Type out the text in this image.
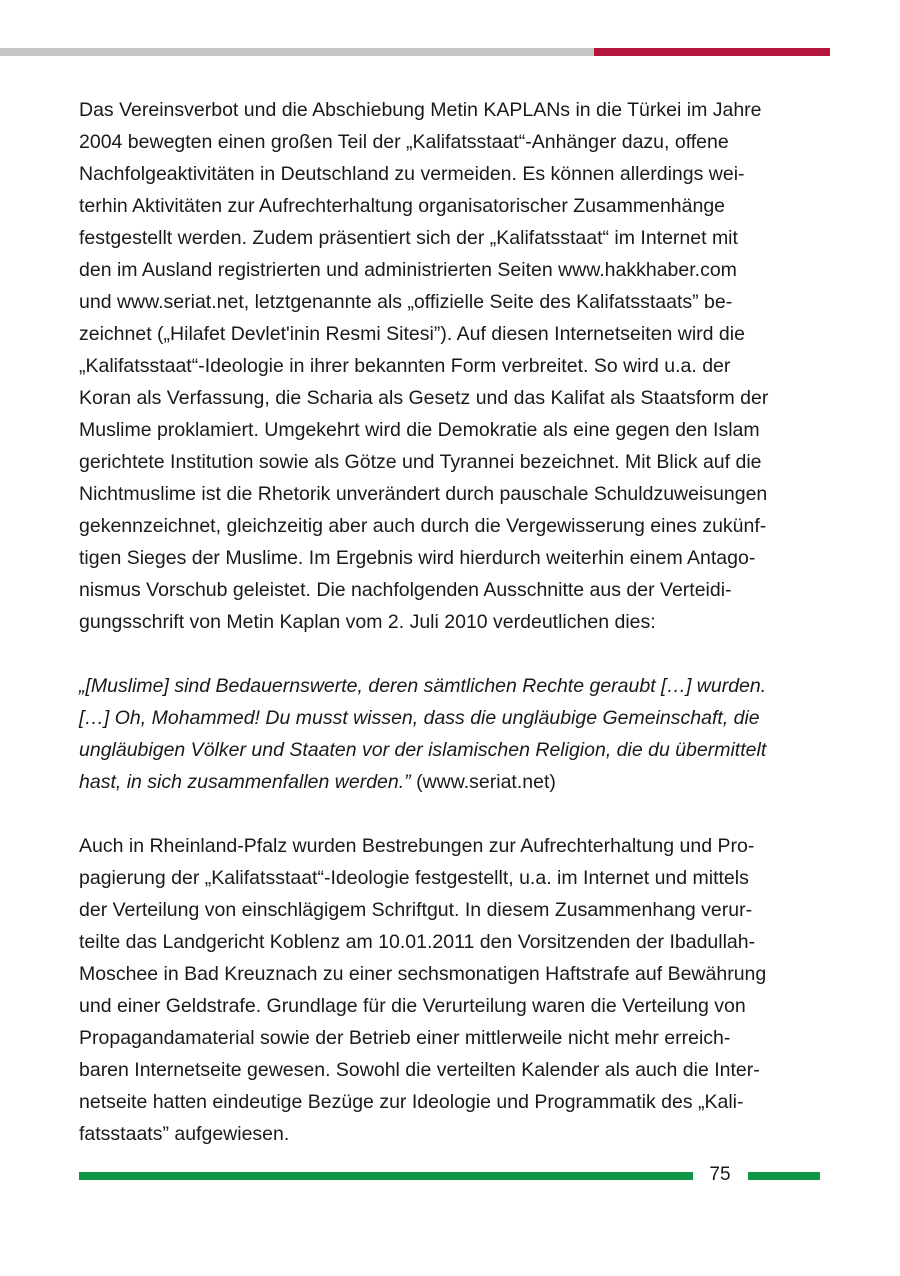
Das Vereinsverbot und die Abschiebung Metin KAPLANs in die Türkei im Jahre
2004 bewegten einen großen Teil der „Kalifatsstaat“-Anhänger dazu, offene
Nachfolgeaktivitäten in Deutschland zu vermeiden. Es können allerdings wei-
terhin Aktivitäten zur Aufrechterhaltung organisatorischer Zusammenhänge
festgestellt werden. Zudem präsentiert sich der „Kalifatsstaat“ im Internet mit
den im Ausland registrierten und administrierten Seiten www.hakkhaber.com
und www.seriat.net, letztgenannte als „offizielle Seite des Kalifatsstaats” be-
zeichnet („Hilafet Devlet'inin Resmi Sitesi”). Auf diesen Internetseiten wird die
„Kalifatsstaat“-Ideologie in ihrer bekannten Form verbreitet. So wird u.a. der
Koran als Verfassung, die Scharia als Gesetz und das Kalifat als Staatsform der
Muslime proklamiert. Umgekehrt wird die Demokratie als eine gegen den Islam
gerichtete Institution sowie als Götze und Tyrannei bezeichnet. Mit Blick auf die
Nichtmuslime ist die Rhetorik unverändert durch pauschale Schuldzuweisungen
gekennzeichnet, gleichzeitig aber auch durch die Vergewisserung eines zukünf-
tigen Sieges der Muslime. Im Ergebnis wird hierdurch weiterhin einem Antago-
nismus Vorschub geleistet. Die nachfolgenden Ausschnitte aus der Verteidi-
gungsschrift von Metin Kaplan vom 2. Juli 2010 verdeutlichen dies:

„[Muslime] sind Bedauernswerte, deren sämtlichen Rechte geraubt […] wurden.
[…] Oh, Mohammed! Du musst wissen, dass die ungläubige Gemeinschaft, die
ungläubigen Völker und Staaten vor der islamischen Religion, die du übermittelt
hast, in sich zusammenfallen werden.” (www.seriat.net)

Auch in Rheinland-Pfalz wurden Bestrebungen zur Aufrechterhaltung und Pro-
pagierung der „Kalifatsstaat“-Ideologie festgestellt, u.a. im Internet und mittels
der Verteilung von einschlägigem Schriftgut. In diesem Zusammenhang verur-
teilte das Landgericht Koblenz am 10.01.2011 den Vorsitzenden der Ibadullah-
Moschee in Bad Kreuznach zu einer sechsmonatigen Haftstrafe auf Bewährung
und einer Geldstrafe. Grundlage für die Verurteilung waren die Verteilung von
Propagandamaterial sowie der Betrieb einer mittlerweile nicht mehr erreich-
baren Internetseite gewesen. Sowohl die verteilten Kalender als auch die Inter-
netseite hatten eindeutige Bezüge zur Ideologie und Programmatik des „Kali-
fatsstaats” aufgewiesen.

75
